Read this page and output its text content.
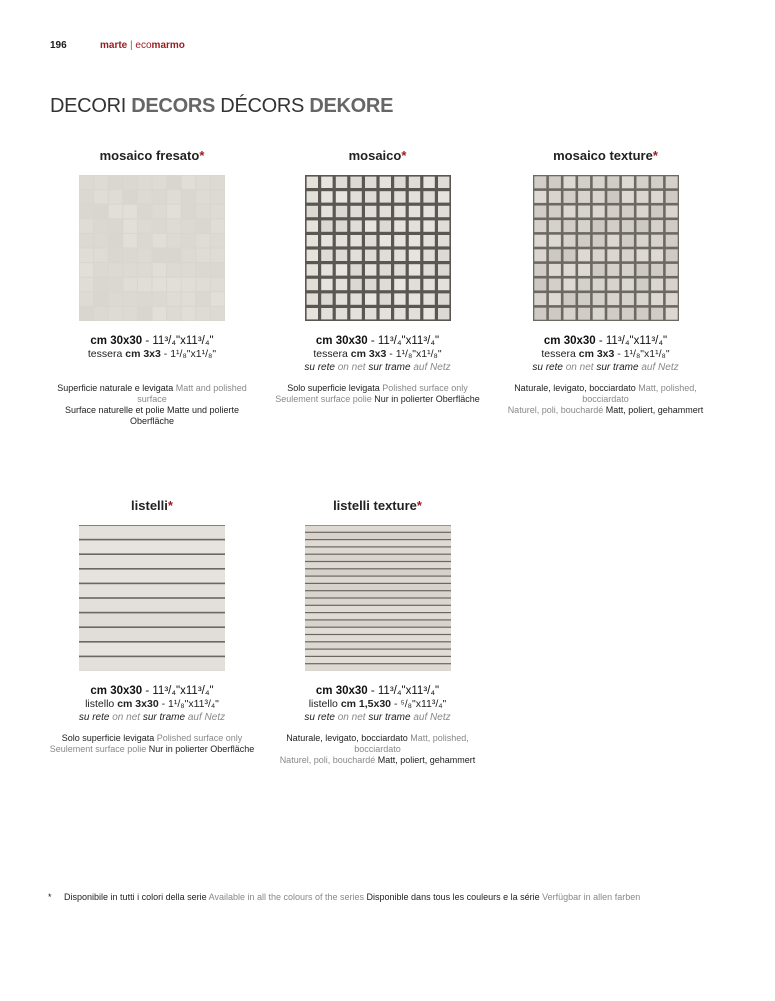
196	marte | ecomarmo
DECORI DECORS DÉCORS DEKORE
mosaico fresato*
cm 30x30 - 11³/₄"x11³/₄"
tessera cm 3x3 - 1¹/₈"x1¹/₈"
Superficie naturale e levigata Matt and polished surface
Surface naturelle et polie Matte und polierte Oberfläche
mosaico*
cm 30x30 - 11³/₄"x11³/₄"
tessera cm 3x3 - 1¹/₈"x1¹/₈"
su rete on net sur trame auf Netz
Solo superficie levigata Polished surface only
Seulement surface polie Nur in polierter Oberfläche
mosaico texture*
cm 30x30 - 11³/₄"x11³/₄"
tessera cm 3x3 - 1¹/₈"x1¹/₈"
su rete on net sur trame auf Netz
Naturale, levigato, bocciardato Matt, polished, bocciardato
Naturel, poli, bouchardé Matt, poliert, gehammert
listelli*
cm 30x30 - 11³/₄"x11³/₄"
listello cm 3x30 - 1¹/₈"x11³/₄"
su rete on net sur trame auf Netz
Solo superficie levigata Polished surface only
Seulement surface polie Nur in polierter Oberfläche
listelli texture*
cm 30x30 - 11³/₄"x11³/₄"
listello cm 1,5x30 - ⁵/₈"x11³/₄"
su rete on net sur trame auf Netz
Naturale, levigato, bocciardato Matt, polished, bocciardato
Naturel, poli, bouchardé Matt, poliert, gehammert
* Disponibile in tutti i colori della serie Available in all the colours of the series Disponible dans tous les couleurs e la série Verfügbar in allen farben
